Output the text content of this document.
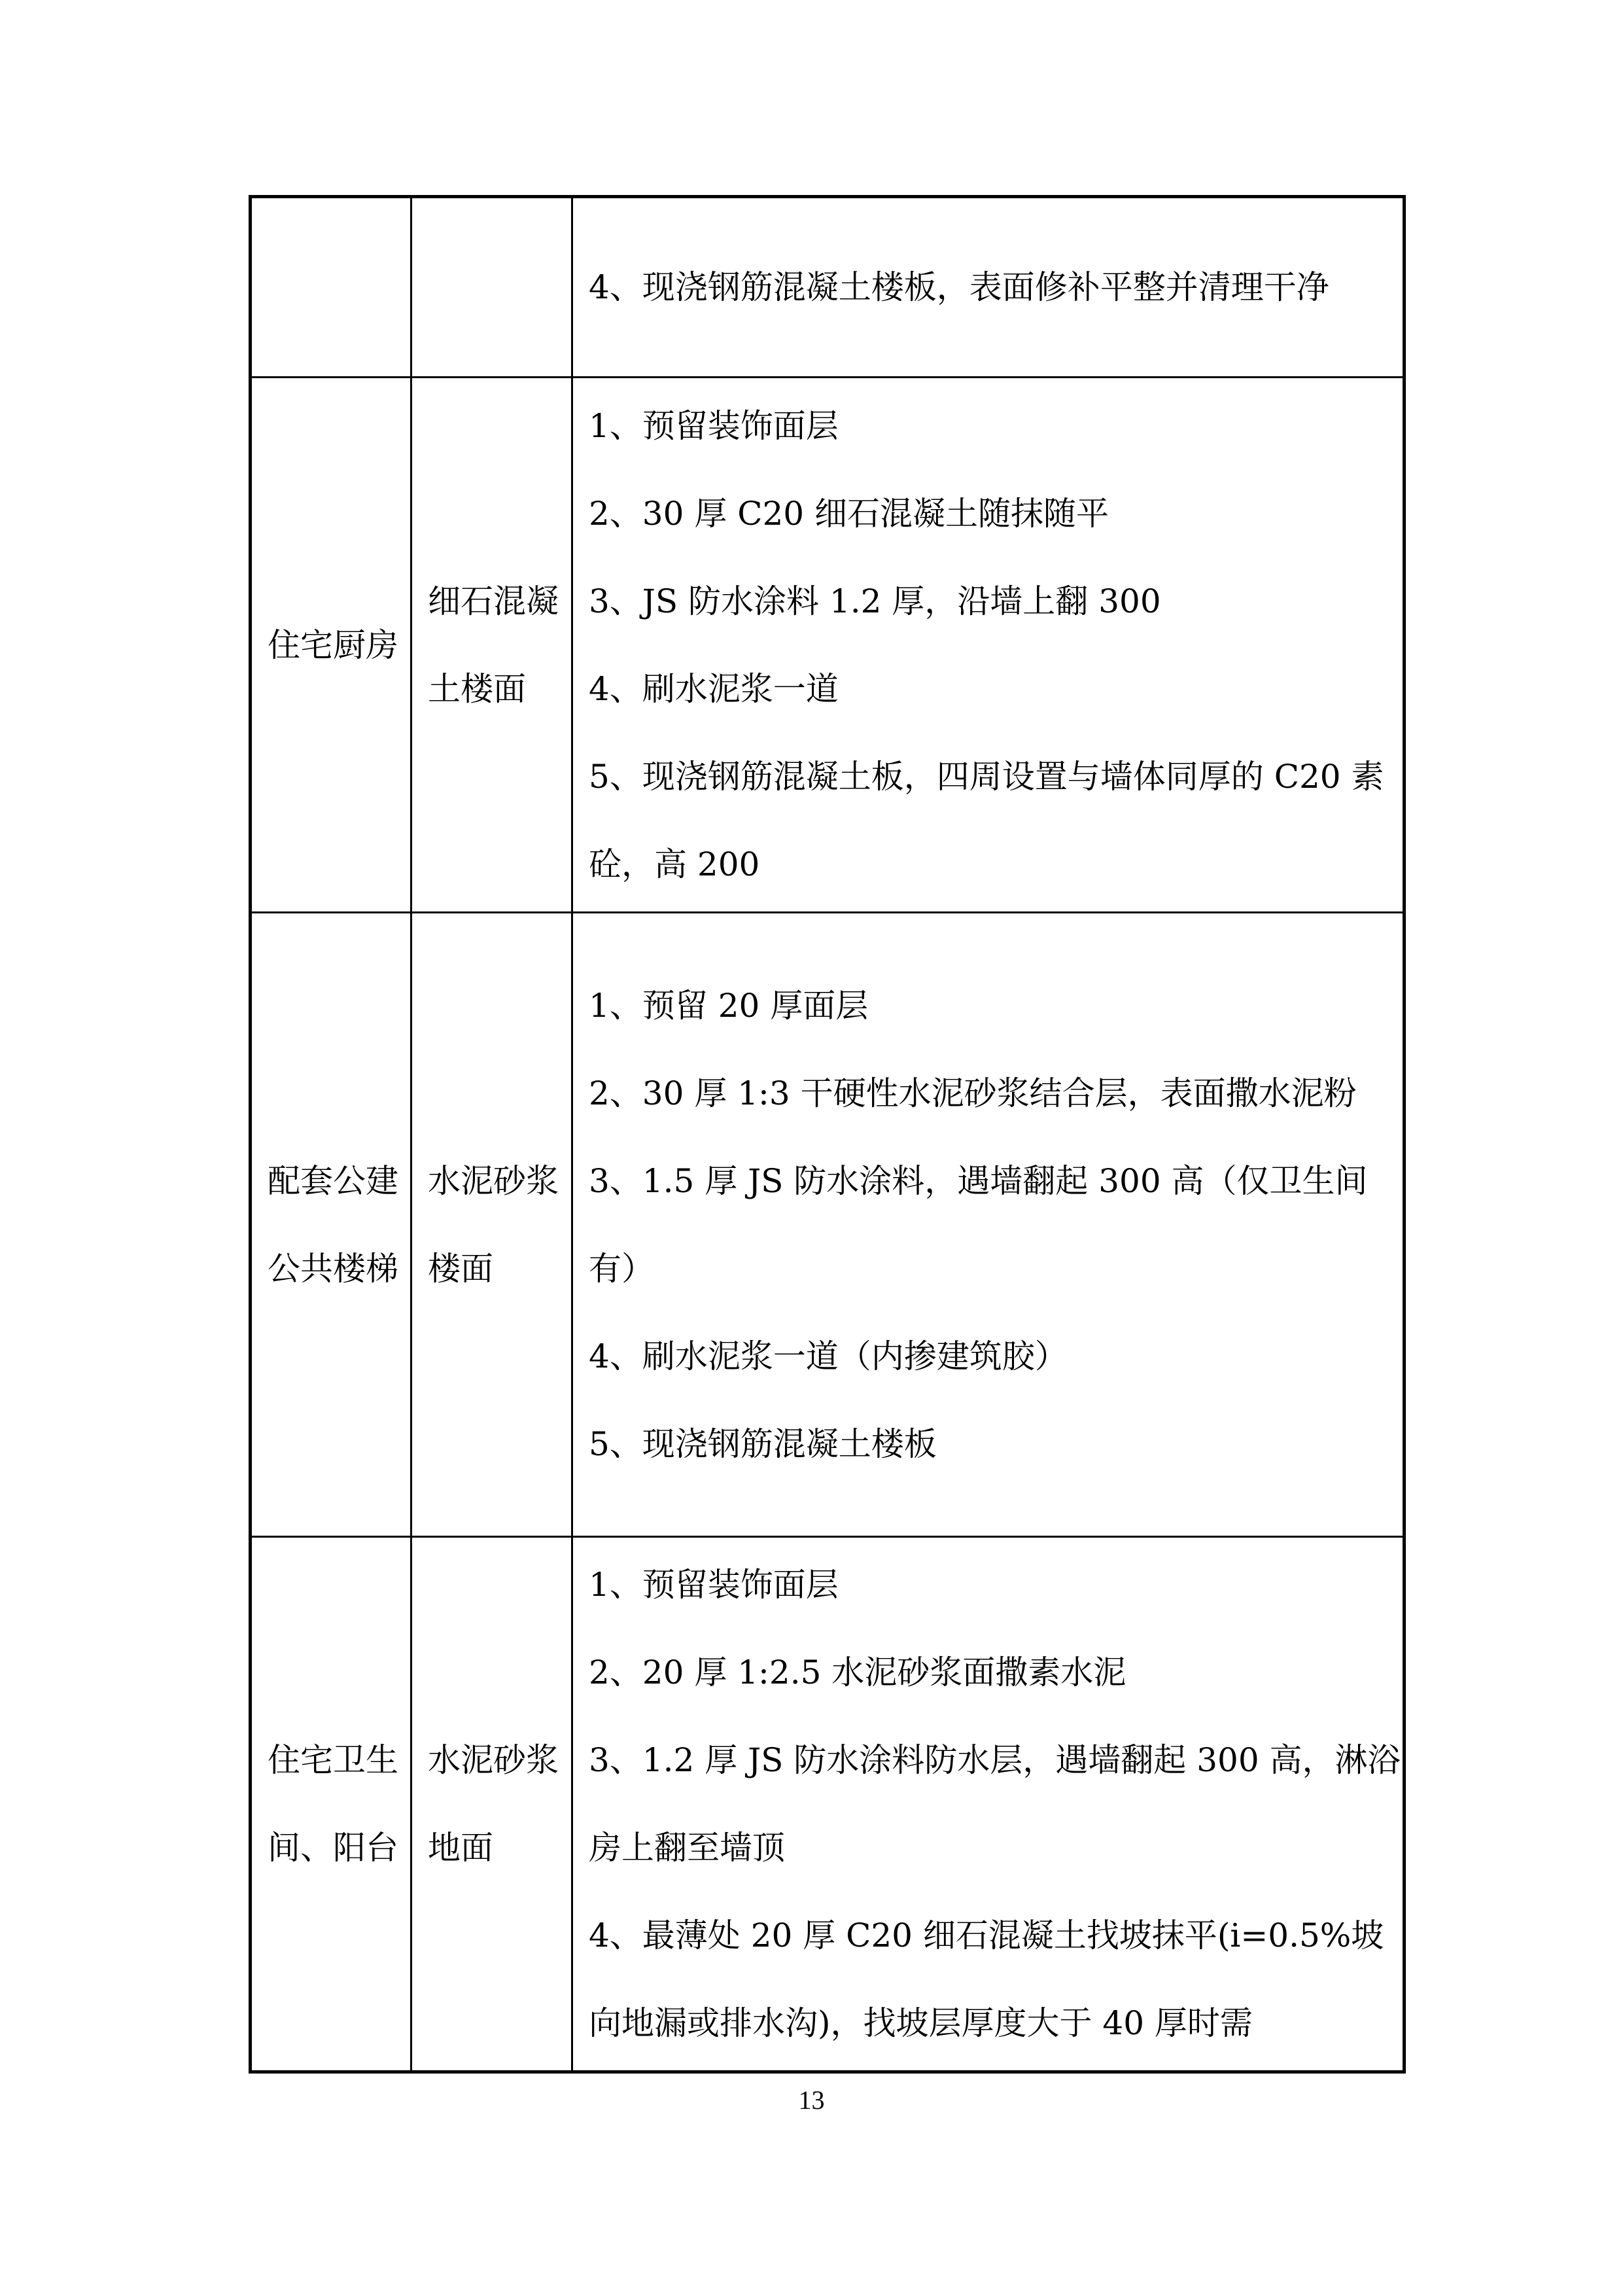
		4、现浇钢筋混凝土楼板，表面修补平整并清理干净

住宅厨房	细石混凝土楼面	1、预留装饰面层
2、30 厚 C20 细石混凝土随抹随平
3、JS 防水涂料 1.2 厚，沿墙上翻 300
4、刷水泥浆一道
5、现浇钢筋混凝土板，四周设置与墙体同厚的 C20 素砼，高 200

配套公建公共楼梯	水泥砂浆楼面	1、预留 20 厚面层
2、30 厚 1:3 干硬性水泥砂浆结合层，表面撒水泥粉
3、1.5 厚 JS 防水涂料，遇墙翻起 300 高（仅卫生间有）
4、刷水泥浆一道（内掺建筑胶）
5、现浇钢筋混凝土楼板

住宅卫生间、阳台	水泥砂浆地面	1、预留装饰面层
2、20 厚 1:2.5 水泥砂浆面撒素水泥
3、1.2 厚 JS 防水涂料防水层，遇墙翻起 300 高，淋浴房上翻至墙顶
4、最薄处 20 厚 C20 细石混凝土找坡抹平(i=0.5%坡向地漏或排水沟)，找坡层厚度大于 40 厚时需
13
